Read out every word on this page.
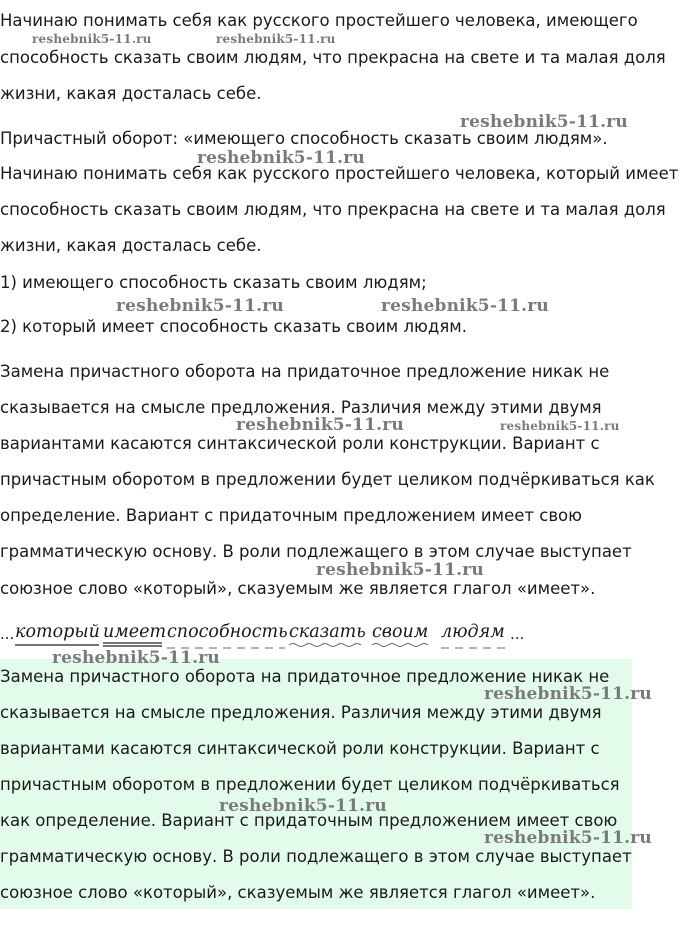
Начинаю понимать себя как русского простейшего человека, имеющего
способность сказать своим людям, что прекрасна на свете и та малая доля
жизни, какая досталась себе.
Причастный оборот: «имеющего способность сказать своим людям».
Начинаю понимать себя как русского простейшего человека, который имеет
способность сказать своим людям, что прекрасна на свете и та малая доля
жизни, какая досталась себе.
1) имеющего способность сказать своим людям;
2) который имеет способность сказать своим людям.
Замена причастного оборота на придаточное предложение никак не
сказывается на смысле предложения. Различия между этими двумя
вариантами касаются синтаксической роли конструкции. Вариант с
причастным оборотом в предложении будет целиком подчёркиваться как
определение. Вариант с придаточным предложением имеет свою
грамматическую основу. В роли подлежащего в этом случае выступает
союзное слово «который», сказуемым же является глагол «имеет».
... который имеет способность сказать своим людям ...
Замена причастного оборота на придаточное предложение никак не
сказывается на смысле предложения. Различия между этими двумя
вариантами касаются синтаксической роли конструкции. Вариант с
причастным оборотом в предложении будет целиком подчёркиваться
как определение. Вариант с придаточным предложением имеет свою
грамматическую основу. В роли подлежащего в этом случае выступает
союзное слово «который», сказуемым же является глагол «имеет».
reshebnik5-11.ru	reshebnik5-11.ru
reshebnik5-11.ru
reshebnik5-11.ru
reshebnik5-11.ru	reshebnik5-11.ru
reshebnik5-11.ru	reshebnik5-11.ru
reshebnik5-11.ru
reshebnik5-11.ru
reshebnik5-11.ru
reshebnik5-11.ru
reshebnik5-11.ru
